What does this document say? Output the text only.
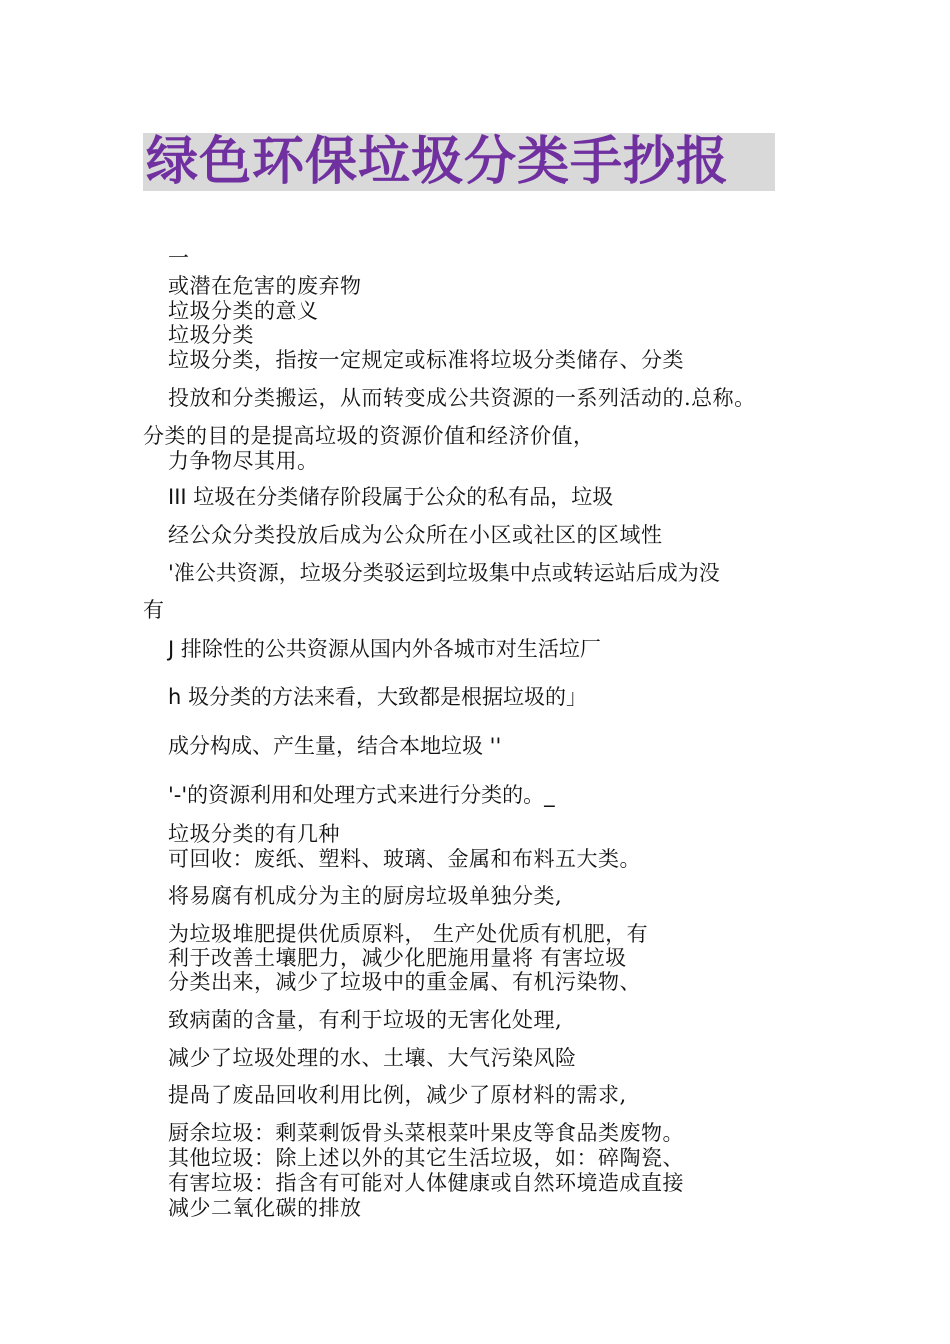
绿色环保垃圾分类手抄报

一

或潜在危害的废弃物

垃圾分类的意义

垃圾分类

垃圾分类，指按一定规定或标准将垃圾分类储存、分类

投放和分类搬运，从而转变成公共资源的一系列活动的.总称。

分类的目的是提高垃圾的资源价值和经济价值，

力争物尽其用。

III 垃圾在分类储存阶段属于公众的私有品，垃圾

经公众分类投放后成为公众所在小区或社区的区域性

'准公共资源，垃圾分类驳运到垃圾集中点或转运站后成为没

有

J 排除性的公共资源从国内外各城市对生活垃厂

h 圾分类的方法来看，大致都是根据垃圾的」

成分构成、产生量，结合本地垃圾 ''

'-'的资源利用和处理方式来进行分类的。_

垃圾分类的有几种

可回收：废纸、塑料、玻璃、金属和布料五大类。

将易腐有机成分为主的厨房垃圾单独分类,

为垃圾堆肥提供优质原料， 生产处优质有机肥，有

利于改善土壤肥力，减少化肥施用量将 有害垃圾

分类出来，减少了垃圾中的重金属、有机污染物、

致病菌的含量，有利于垃圾的无害化处理,

减少了垃圾处理的水、土壤、大气污染风险

提咼了废品回收利用比例，减少了原材料的需求,

厨余垃圾：剩菜剩饭骨头菜根菜叶果皮等食品类废物。

其他垃圾：除上述以外的其它生活垃圾，如：碎陶瓷、

有害垃圾：指含有可能对人体健康或自然环境造成直接

减少二氧化碳的排放
